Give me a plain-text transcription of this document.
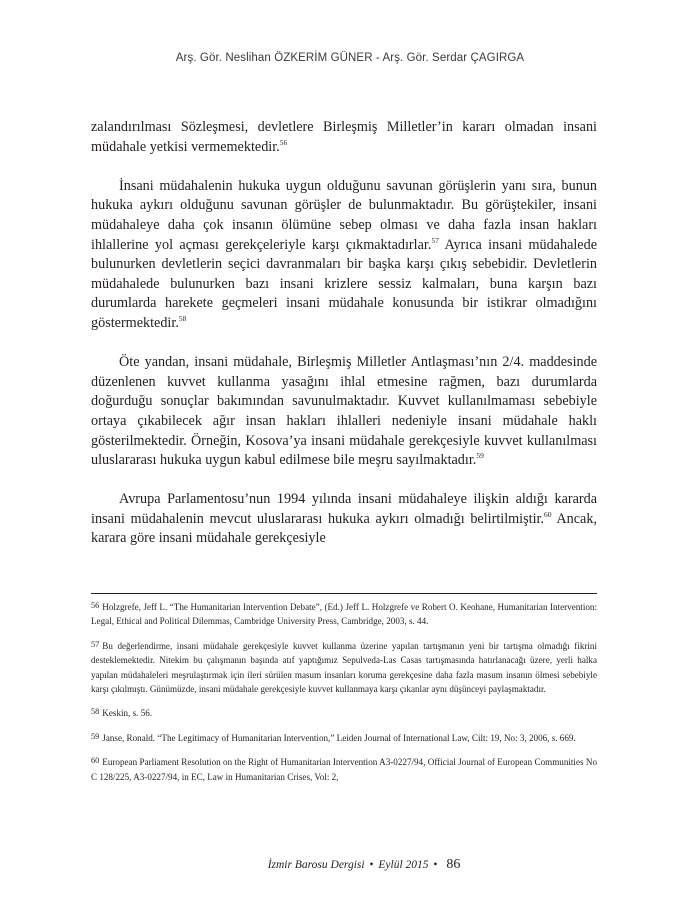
Arş. Gör. Neslihan ÖZKERİM GÜNER - Arş. Gör. Serdar ÇAGIRGA

zalandırılması Sözleşmesi, devletlere Birleşmiş Milletler’in kararı olmadan insani müdahale yetkisi vermemektedir.$^{56}$

İnsani müdahalenin hukuka uygun olduğunu savunan görüşlerin yanı sıra, bunun hukuka aykırı olduğunu savunan görüşler de bulunmaktadır. Bu görüştekiler, insani müdahaleye daha çok insanın ölümüne sebep olması ve daha fazla insan hakları ihlallerine yol açması gerekçeleriyle karşı çıkmaktadırlar.$^{57}$ Ayrıca insani müdahalede bulunurken devletlerin seçici davranmaları bir başka karşı çıkış sebebidir. Devletlerin müdahalede bulunurken bazı insani krizlere sessiz kalmaları, buna karşın bazı durumlarda harekete geçmeleri insani müdahale konusunda bir istikrar olmadığını göstermektedir.$^{58}$

Öte yandan, insani müdahale, Birleşmiş Milletler Antlaşması’nın 2/4. maddesinde düzenlenen kuvvet kullanma yasağını ihlal etmesine rağmen, bazı durumlarda doğurduğu sonuçlar bakımından savunulmaktadır. Kuvvet kullanılmaması sebebiyle ortaya çıkabilecek ağır insan hakları ihlalleri nedeniyle insani müdahale haklı gösterilmektedir. Örneğin, Kosova’ya insani müdahale gerekçesiyle kuvvet kullanılması uluslararası hukuka uygun kabul edilmese bile meşru sayılmaktadır.$^{59}$

Avrupa Parlamentosu’nun 1994 yılında insani müdahaleye ilişkin aldığı kararda insani müdahalenin mevcut uluslararası hukuka aykırı olmadığı belirtilmiştir.$^{60}$ Ancak, karara göre insani müdahale gerekçesiyle

56 Holzgrefe, Jeff L. “The Humanitarian Intervention Debate”, (Ed.) Jeff L. Holzgrefe ve Robert O. Keohane, Humanitarian Intervention: Legal, Ethical and Political Dilemmas, Cambridge University Press, Cambridge, 2003, s. 44.

57 Bu değerlendirme, insani müdahale gerekçesiyle kuvvet kullanma üzerine yapılan tartışmanın yeni bir tartışma olmadığı fikrini desteklemektedir. Nitekim bu çalışmanın başında atıf yaptığımız Sepulveda-Las Casas tartışmasında hatırlanacağı üzere, yerli halka yapılan müdahaleleri meşrulaştırmak için ileri sürülen masum insanları koruma gerekçesine daha fazla masum insanın ölmesi sebebiyle karşı çıkılmıştı. Günümüzde, insani müdahale gerekçesiyle kuvvet kullanmaya karşı çıkanlar aynı düşünceyi paylaşmaktadır.

58 Keskin, s. 56.

59 Janse, Ronald. “The Legitimacy of Humanitarian Intervention,” Leiden Journal of International Law, Cilt: 19, No: 3, 2006, s. 669.

60 European Parliament Resolution on the Right of Humanitarian Intervention A3-0227/94, Official Journal of European Communities No C 128/225, A3-0227/94, in EC, Law in Humanitarian Crises, Vol: 2,

İzmir Barosu Dergisi • Eylül 2015 • 86
